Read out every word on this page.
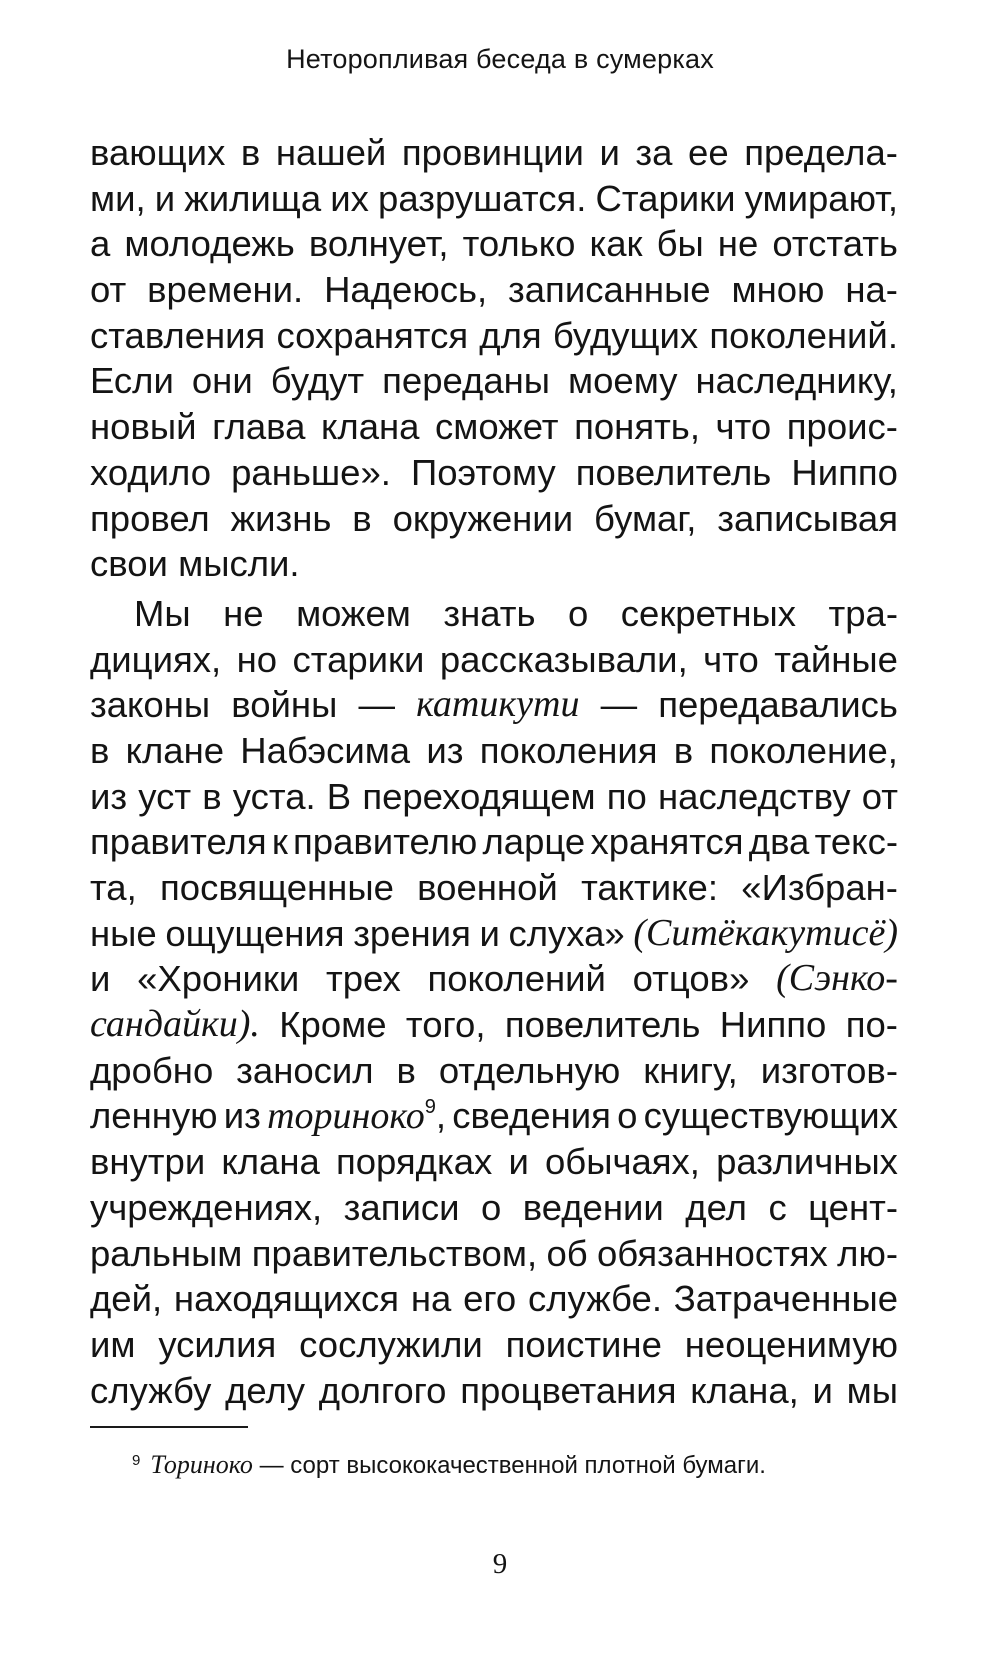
Неторопливая беседа в сумерках
вающих в нашей провинции и за ее предела-
ми, и жилища их разрушатся. Старики умирают,
а молодежь волнует, только как бы не отстать
от времени. Надеюсь, записанные мною на-
ставления сохранятся для будущих поколений.
Если они будут переданы моему наследнику,
новый глава клана сможет понять, что проис-
ходило раньше». Поэтому повелитель Ниппо
провел жизнь в окружении бумаг, записывая
свои мысли.
Мы не можем знать о секретных тра-
дициях, но старики рассказывали, что тайные
законы войны — катикути — передавались
в клане Набэсима из поколения в поколение,
из уст в уста. В переходящем по наследству от
правителя к правителю ларце хранятся два текс-
та, посвященные военной тактике: «Избран-
ные ощущения зрения и слуха» (Ситёкакутисё)
и «Хроники трех поколений отцов» (Сэнко-
сандайки). Кроме того, повелитель Ниппо по-
дробно заносил в отдельную книгу, изготов-
ленную из ториноко$^9$, сведения о существующих
внутри клана порядках и обычаях, различных
учреждениях, записи о ведении дел с цент-
ральным правительством, об обязанностях лю-
дей, находящихся на его службе. Затраченные
им усилия сослужили поистине неоценимую
службу делу долгого процветания клана, и мы
$^9$ Ториноко — сорт высококачественной плотной бумаги.
9
